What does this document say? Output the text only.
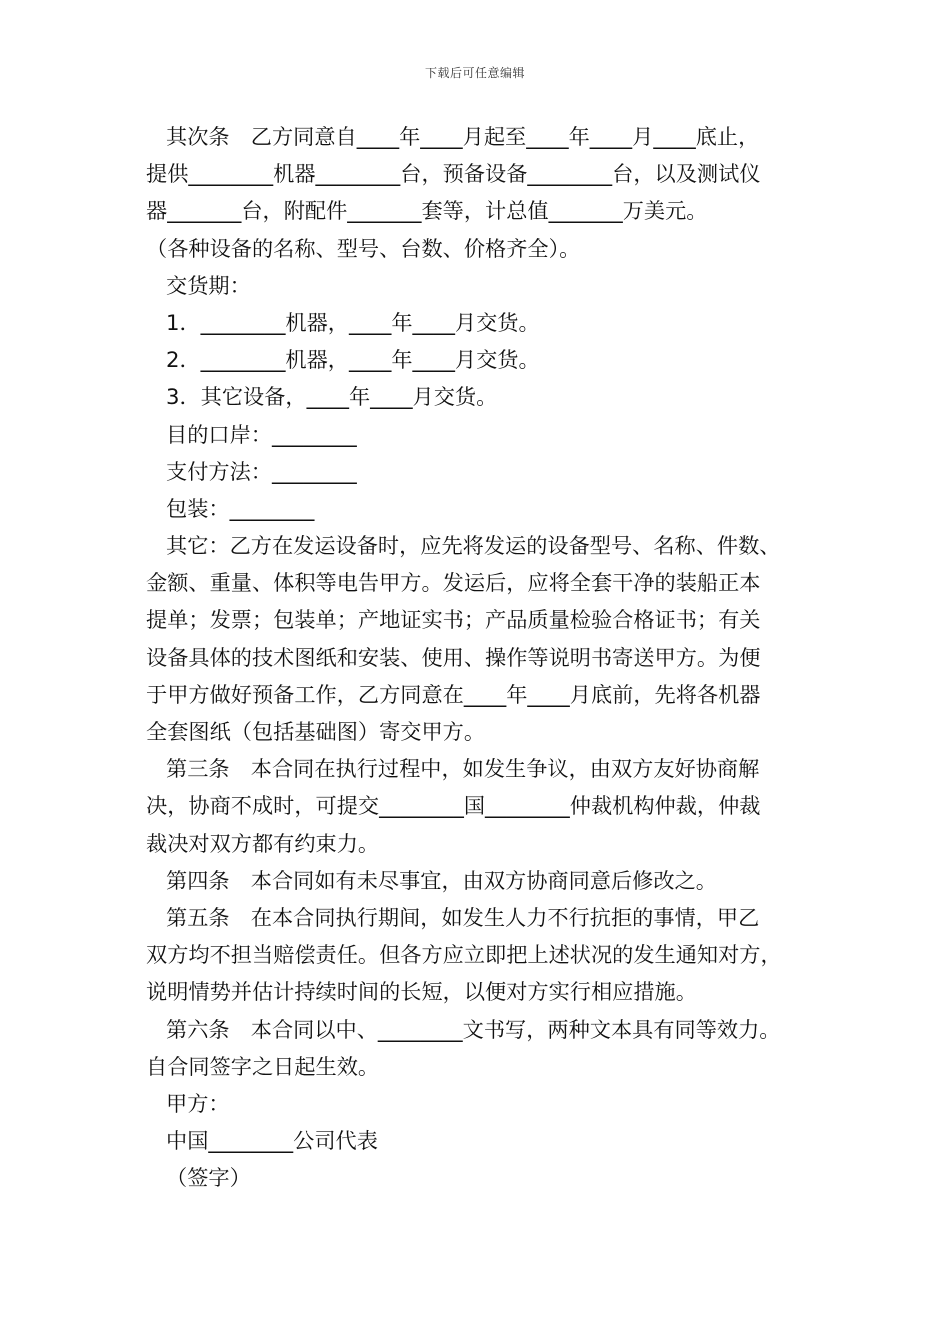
下载后可任意编辑
其次条　乙方同意自____年____月起至____年____月____底止，
提供________机器________台，预备设备________台，以及测试仪
器_______台，附配件_______套等，计总值_______万美元。
（各种设备的名称、型号、台数、价格齐全）。
交货期：
1．________机器，____年____月交货。
2．________机器，____年____月交货。
3．其它设备，____年____月交货。
目的口岸：________
支付方法：________
包装：________
其它：乙方在发运设备时，应先将发运的设备型号、名称、件数、
金额、重量、体积等电告甲方。发运后，应将全套干净的装船正本
提单；发票；包装单；产地证实书；产品质量检验合格证书；有关
设备具体的技术图纸和安装、使用、操作等说明书寄送甲方。为便
于甲方做好预备工作，乙方同意在____年____月底前，先将各机器
全套图纸（包括基础图）寄交甲方。
第三条　本合同在执行过程中，如发生争议，由双方友好协商解
决，协商不成时，可提交________国________仲裁机构仲裁，仲裁
裁决对双方都有约束力。
第四条　本合同如有未尽事宜，由双方协商同意后修改之。
第五条　在本合同执行期间，如发生人力不行抗拒的事情，甲乙
双方均不担当赔偿责任。但各方应立即把上述状况的发生通知对方，
说明情势并估计持续时间的长短，以便对方实行相应措施。
第六条　本合同以中、________文书写，两种文本具有同等效力。
自合同签字之日起生效。
甲方：
中国________公司代表
（签字）
